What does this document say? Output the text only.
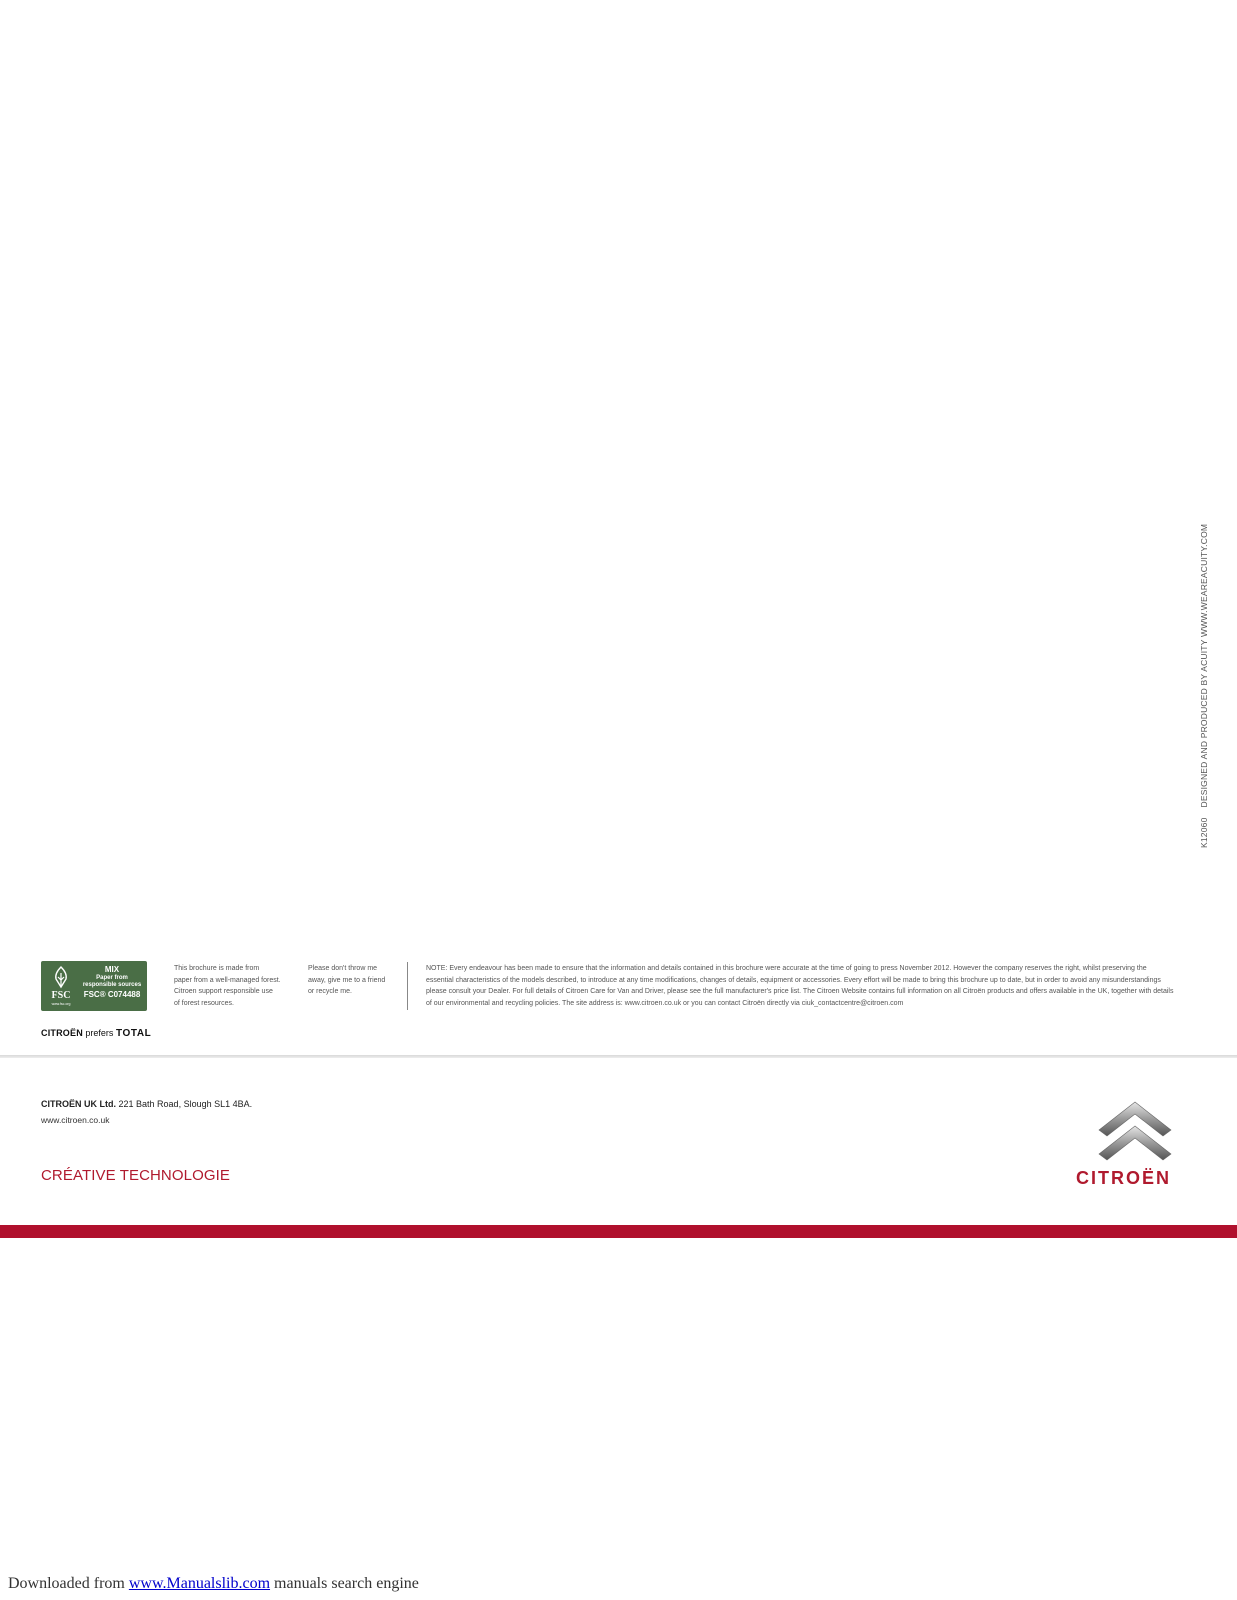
K12060DESIGNED AND PRODUCED BY ACUITY WWW.WEAREACUITY.COM
FSC
www.fsc.org
MIX
Paper from
responsible sources
FSC® C074488
This brochure is made from
paper from a well-managed forest.
Citroen support responsible use
of forest resources.
Please don't throw me
away, give me to a friend
or recycle me.
NOTE: Every endeavour has been made to ensure that the information and details contained in this brochure were accurate at the time of going to press November 2012. However the company reserves the right, whilst preserving the
essential characteristics of the models described, to introduce at any time modifications, changes of details, equipment or accessories. Every effort will be made to bring this brochure up to date, but in order to avoid any misunderstandings
please consult your Dealer. For full details of Citroen Care for Van and Driver, please see the full manufacturer's price list. The Citroen Website contains full information on all Citroën products and offers available in the UK, together with details
of our environmental and recycling policies. The site address is: www.citroen.co.uk or you can contact Citroën directly via ciuk_contactcentre@citroen.com
CITROËN prefers TOTAL
CITROËN UK Ltd. 221 Bath Road, Slough SL1 4BA.
www.citroen.co.uk
CRÉATIVE TECHNOLOGIE	CITROËN
Downloaded from www.Manualslib.com manuals search engine
